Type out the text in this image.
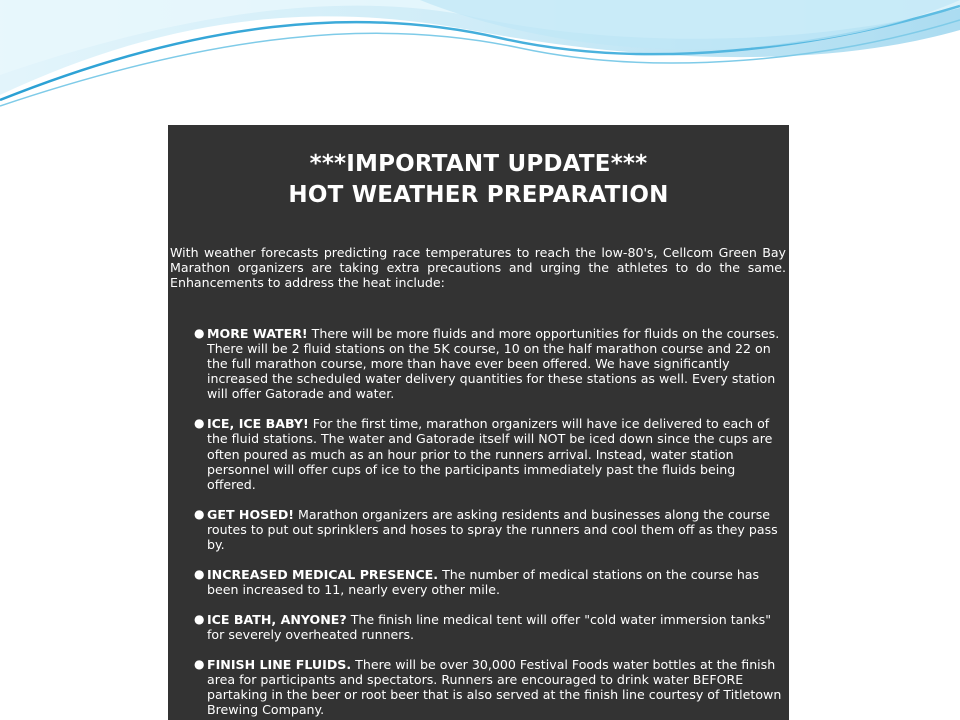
***IMPORTANT UPDATE***
HOT WEATHER PREPARATION

With weather forecasts predicting race temperatures to reach the low-80's, Cellcom Green Bay Marathon organizers are taking extra precautions and urging the athletes to do the same. Enhancements to address the heat include:

● MORE WATER! There will be more fluids and more opportunities for fluids on the courses. There will be 2 fluid stations on the 5K course, 10 on the half marathon course and 22 on the full marathon course, more than have ever been offered. We have significantly increased the scheduled water delivery quantities for these stations as well. Every station will offer Gatorade and water.
● ICE, ICE BABY! For the first time, marathon organizers will have ice delivered to each of the fluid stations. The water and Gatorade itself will NOT be iced down since the cups are often poured as much as an hour prior to the runners arrival. Instead, water station personnel will offer cups of ice to the participants immediately past the fluids being offered.
● GET HOSED! Marathon organizers are asking residents and businesses along the course routes to put out sprinklers and hoses to spray the runners and cool them off as they pass by.
● INCREASED MEDICAL PRESENCE. The number of medical stations on the course has been increased to 11, nearly every other mile.
● ICE BATH, ANYONE? The finish line medical tent will offer "cold water immersion tanks" for severely overheated runners.
● FINISH LINE FLUIDS. There will be over 30,000 Festival Foods water bottles at the finish area for participants and spectators. Runners are encouraged to drink water BEFORE partaking in the beer or root beer that is also served at the finish line courtesy of Titletown Brewing Company.
